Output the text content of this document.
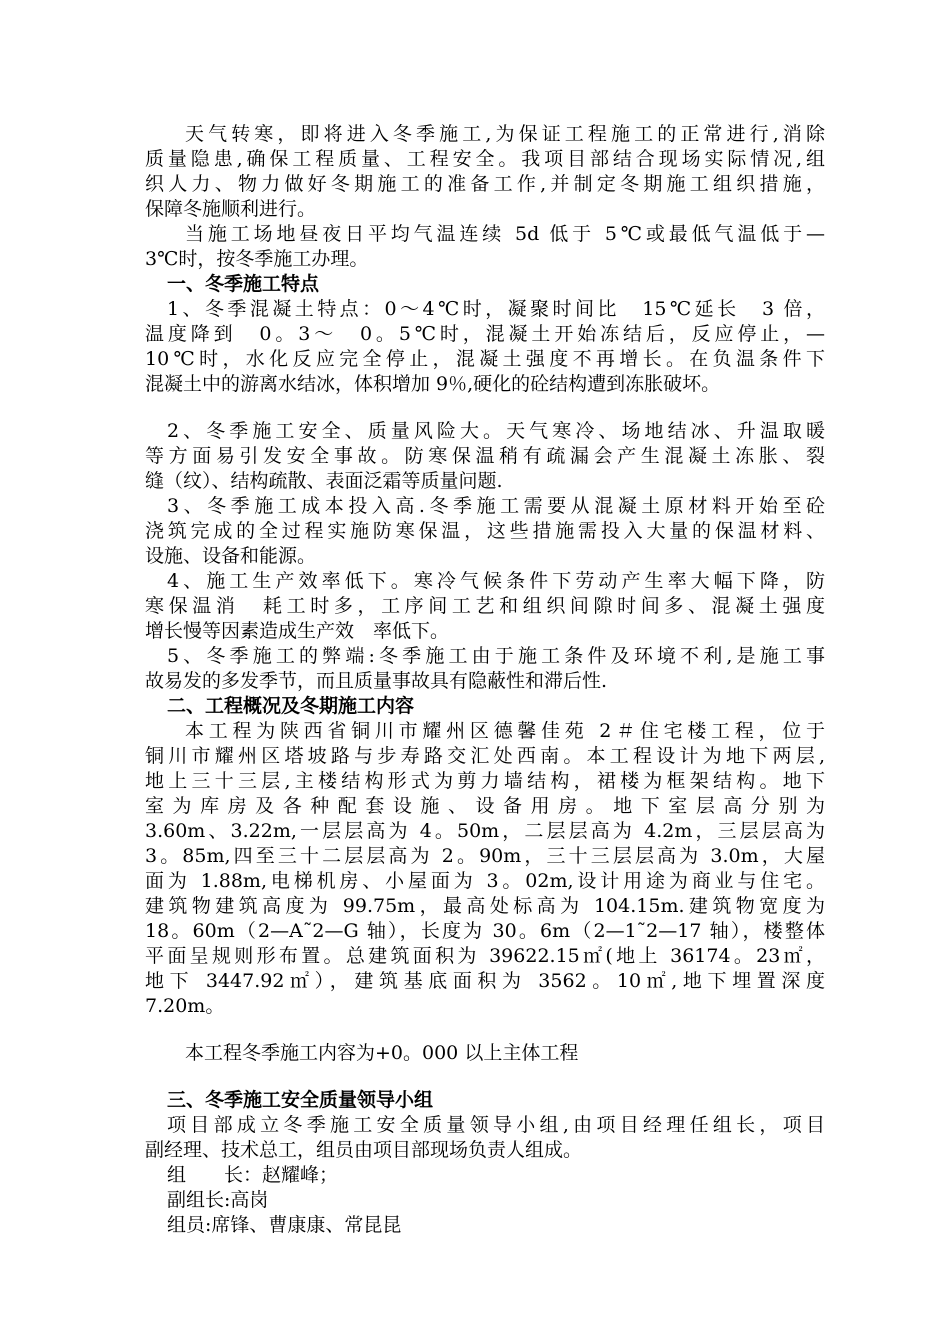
天气转寒，即将进入冬季施工,为保证工程施工的正常进行,消除
质量隐患,确保工程质量、工程安全。我项目部结合现场实际情况,组
织人力、物力做好冬期施工的准备工作,并制定冬期施工组织措施，
保障冬施顺利进行。
当施工场地昼夜日平均气温连续 5d 低于 5℃或最低气温低于—
3℃时，按冬季施工办理。
一、冬季施工特点
1、冬季混凝土特点：0～4℃时，凝聚时间比　15℃延长　3 倍，
温度降到　0。3～　0。5℃时，混凝土开始冻结后，反应停止，—
10℃时，水化反应完全停止，混凝土强度不再增长。在负温条件下
混凝土中的游离水结冰，体积增加 9％,硬化的砼结构遭到冻胀破坏。
2、冬季施工安全、质量风险大。天气寒冷、场地结冰、升温取暖
等方面易引发安全事故。防寒保温稍有疏漏会产生混凝土冻胀、裂
缝（纹）、结构疏散、表面泛霜等质量问题.
3、冬季施工成本投入高.冬季施工需要从混凝土原材料开始至砼
浇筑完成的全过程实施防寒保温，这些措施需投入大量的保温材料、
设施、设备和能源。
4、施工生产效率低下。寒冷气候条件下劳动产生率大幅下降，防
寒保温消　耗工时多，工序间工艺和组织间隙时间多、混凝土强度
增长慢等因素造成生产效　率低下。
5、冬季施工的弊端:冬季施工由于施工条件及环境不利,是施工事
故易发的多发季节，而且质量事故具有隐蔽性和滞后性.
二、工程概况及冬期施工内容
本工程为陕西省铜川市耀州区德馨佳苑 2＃住宅楼工程，位于
铜川市耀州区塔坡路与步寿路交汇处西南。本工程设计为地下两层,
地上三十三层,主楼结构形式为剪力墙结构，裙楼为框架结构。地下
室为库房及各种配套设施、设备用房。地下室层高分别为
3.60m、3.22m,一层层高为 4。50m，二层层高为 4.2m，三层层高为
3。85m,四至三十二层层高为 2。90m，三十三层层高为 3.0m，大屋
面为 1.88m,电梯机房、小屋面为 3。02m,设计用途为商业与住宅。
建筑物建筑高度为 99.75m，最高处标高为 104.15m.建筑物宽度为
18。60m（2—A˜2—G 轴），长度为 30。6m（2—1˜2—17 轴），楼整体
平面呈规则形布置。总建筑面积为 39622.15㎡(地上 36174。23㎡，
地下 3447.92㎡），建筑基底面积为 3562。10㎡,地下埋置深度
7.20m。
本工程冬季施工内容为+0。000 以上主体工程
三、冬季施工安全质量领导小组
项目部成立冬季施工安全质量领导小组,由项目经理任组长，项目
副经理、技术总工，组员由项目部现场负责人组成。
组　　长：赵耀峰；
副组长:高岗
组员:席锋、曹康康、常昆昆
